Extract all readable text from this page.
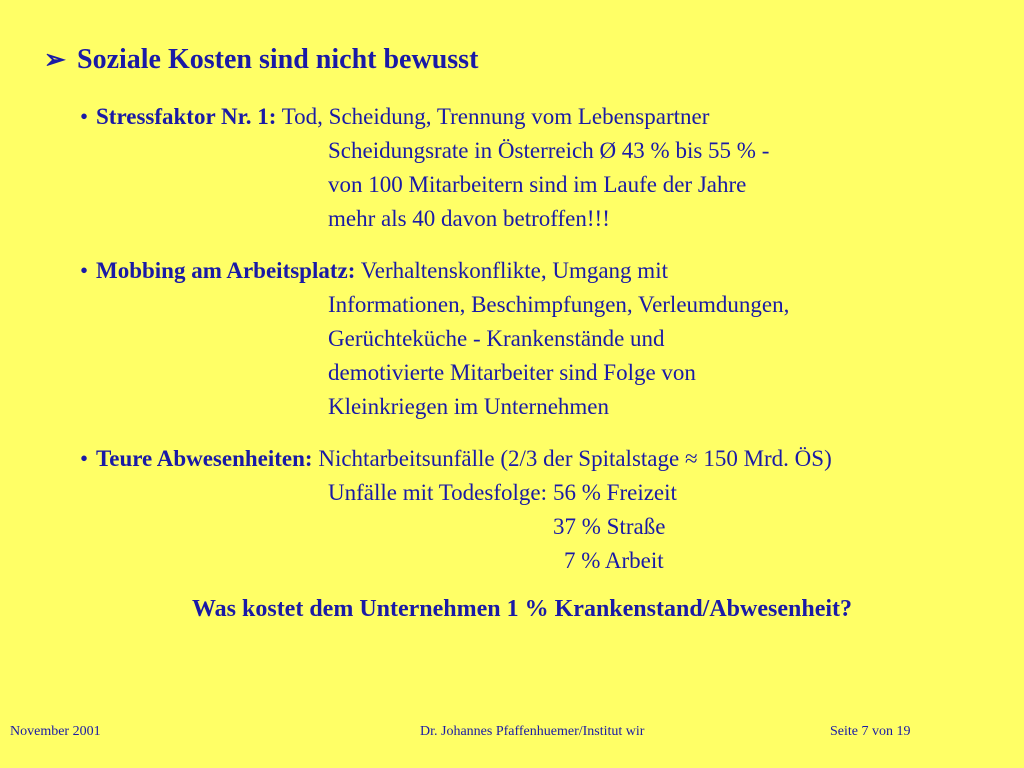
➢ Soziale Kosten sind nicht bewusst
• Stressfaktor Nr. 1: Tod, Scheidung, Trennung vom Lebenspartner
Scheidungsrate in Österreich Ø 43 % bis 55 % -
von 100 Mitarbeitern sind im Laufe der Jahre
mehr als 40 davon betroffen!!!
• Mobbing am Arbeitsplatz: Verhaltenskonflikte, Umgang mit
Informationen, Beschimpfungen, Verleumdungen,
Gerüchteküche - Krankenstände und
demotivierte Mitarbeiter sind Folge von
Kleinkriegen im Unternehmen
• Teure Abwesenheiten: Nichtarbeitsunfälle (2/3 der Spitalstage ≈ 150 Mrd. ÖS)
Unfälle mit Todesfolge: 56 % Freizeit
37 % Straße
7 % Arbeit
Was kostet dem Unternehmen 1 % Krankenstand/Abwesenheit?
November 2001	Dr. Johannes Pfaffenhuemer/Institut wir	Seite 7 von 19
